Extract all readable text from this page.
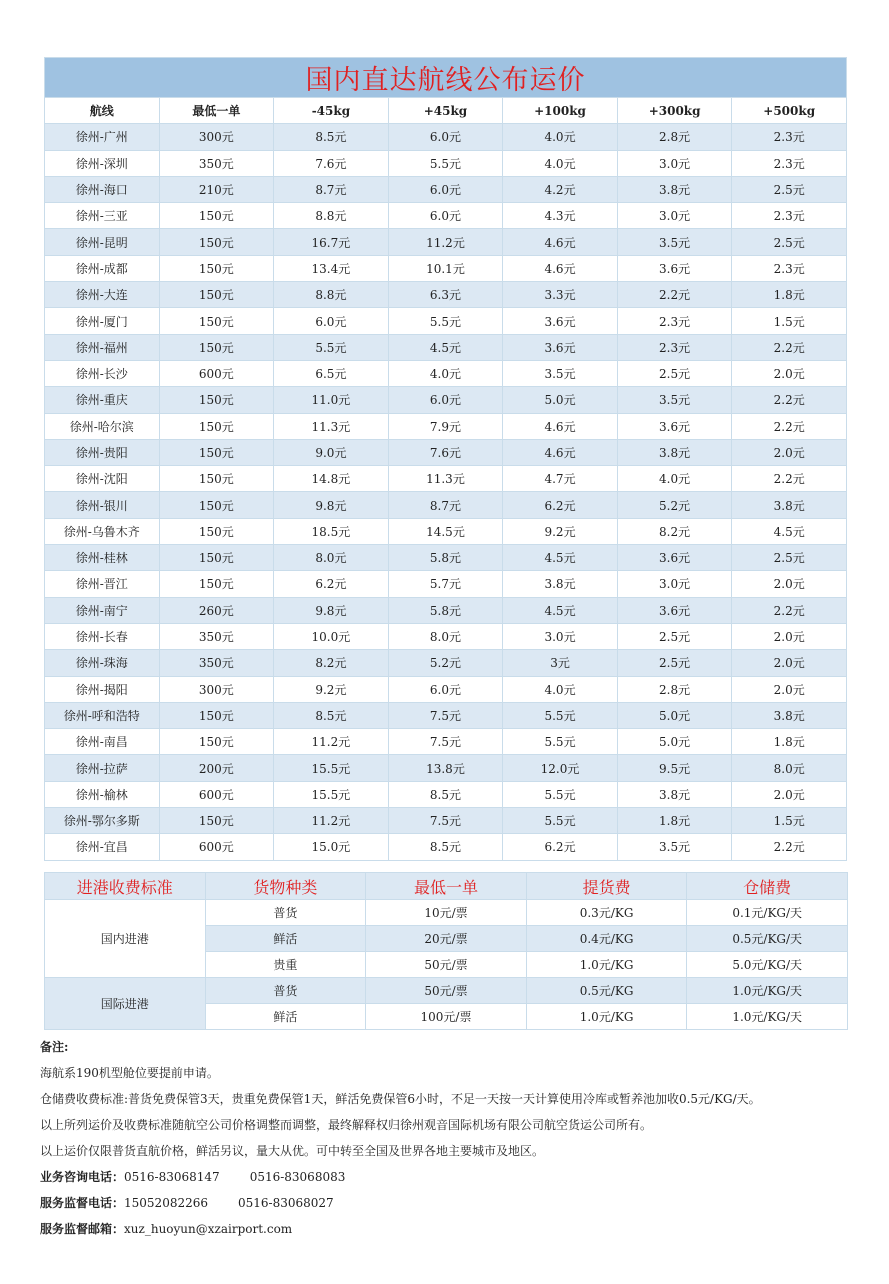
国内直达航线公布运价						
航线	最低一单	-45kg	+45kg	+100kg	+300kg	+500kg
徐州-广州	300元	8.5元	6.0元	4.0元	2.8元	2.3元
徐州-深圳	350元	7.6元	5.5元	4.0元	3.0元	2.3元
徐州-海口	210元	8.7元	6.0元	4.2元	3.8元	2.5元
徐州-三亚	150元	8.8元	6.0元	4.3元	3.0元	2.3元
徐州-昆明	150元	16.7元	11.2元	4.6元	3.5元	2.5元
徐州-成都	150元	13.4元	10.1元	4.6元	3.6元	2.3元
徐州-大连	150元	8.8元	6.3元	3.3元	2.2元	1.8元
徐州-厦门	150元	6.0元	5.5元	3.6元	2.3元	1.5元
徐州-福州	150元	5.5元	4.5元	3.6元	2.3元	2.2元
徐州-长沙	600元	6.5元	4.0元	3.5元	2.5元	2.0元
徐州-重庆	150元	11.0元	6.0元	5.0元	3.5元	2.2元
徐州-哈尔滨	150元	11.3元	7.9元	4.6元	3.6元	2.2元
徐州-贵阳	150元	9.0元	7.6元	4.6元	3.8元	2.0元
徐州-沈阳	150元	14.8元	11.3元	4.7元	4.0元	2.2元
徐州-银川	150元	9.8元	8.7元	6.2元	5.2元	3.8元
徐州-乌鲁木齐	150元	18.5元	14.5元	9.2元	8.2元	4.5元
徐州-桂林	150元	8.0元	5.8元	4.5元	3.6元	2.5元
徐州-晋江	150元	6.2元	5.7元	3.8元	3.0元	2.0元
徐州-南宁	260元	9.8元	5.8元	4.5元	3.6元	2.2元
徐州-长春	350元	10.0元	8.0元	3.0元	2.5元	2.0元
徐州-珠海	350元	8.2元	5.2元	3元	2.5元	2.0元
徐州-揭阳	300元	9.2元	6.0元	4.0元	2.8元	2.0元
徐州-呼和浩特	150元	8.5元	7.5元	5.5元	5.0元	3.8元
徐州-南昌	150元	11.2元	7.5元	5.5元	5.0元	1.8元
徐州-拉萨	200元	15.5元	13.8元	12.0元	9.5元	8.0元
徐州-榆林	600元	15.5元	8.5元	5.5元	3.8元	2.0元
徐州-鄂尔多斯	150元	11.2元	7.5元	5.5元	1.8元	1.5元
徐州-宜昌	600元	15.0元	8.5元	6.2元	3.5元	2.2元
进港收费标准	货物种类	最低一单	提货费	仓储费
国内进港	普货	10元/票	0.3元/KG	0.1元/KG/天
	鲜活	20元/票	0.4元/KG	0.5元/KG/天
	贵重	50元/票	1.0元/KG	5.0元/KG/天
国际进港	普货	50元/票	0.5元/KG	1.0元/KG/天
	鲜活	100元/票	1.0元/KG	1.0元/KG/天
备注:
海航系190机型舱位要提前申请。
仓储费收费标准:普货免费保管3天，贵重免费保管1天，鲜活免费保管6小时，不足一天按一天计算使用冷库或暂养池加收0.5元/KG/天。
以上所列运价及收费标准随航空公司价格调整而调整，最终解释权归徐州观音国际机场有限公司航空货运公司所有。
以上运价仅限普货直航价格，鲜活另议，量大从优。可中转至全国及世界各地主要城市及地区。
业务咨询电话：0516-83068147	0516-83068083
服务监督电话：15052082266	0516-83068027
服务监督邮箱：xuz_huoyun@xzairport.com
